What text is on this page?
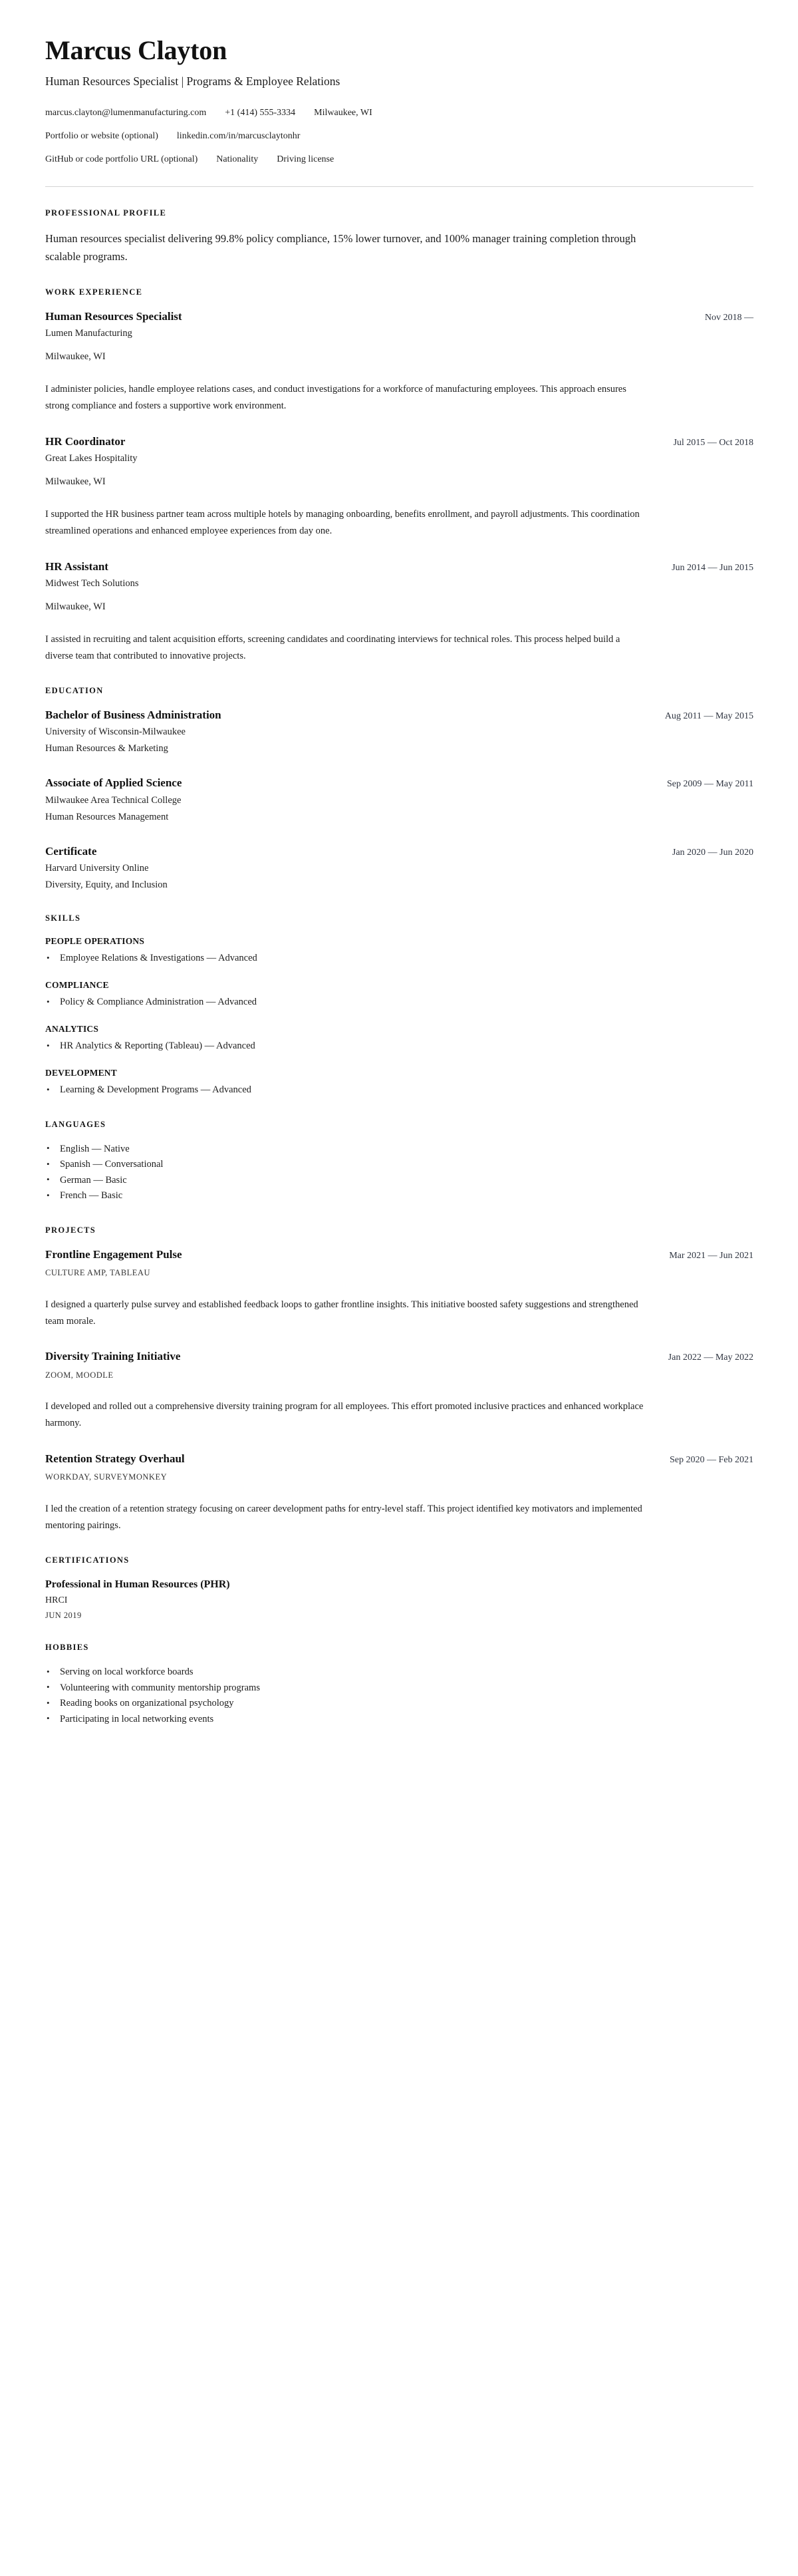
Marcus Clayton
Human Resources Specialist | Programs & Employee Relations
marcus.clayton@lumenmanufacturing.com +1 (414) 555-3334 Milwaukee, WI
Portfolio or website (optional) linkedin.com/in/marcusclaytonhr
GitHub or code portfolio URL (optional) Nationality Driving license
PROFESSIONAL PROFILE

Human resources specialist delivering 99.8% policy compliance, 15% lower turnover, and 100% manager training completion through scalable programs.

WORK EXPERIENCE
Human Resources Specialist	Nov 2018 —
Lumen Manufacturing
Milwaukee, WI

I administer policies, handle employee relations cases, and conduct investigations for a workforce of manufacturing employees. This approach ensures strong compliance and fosters a supportive work environment.

HR Coordinator	Jul 2015 — Oct 2018
Great Lakes Hospitality
Milwaukee, WI

I supported the HR business partner team across multiple hotels by managing onboarding, benefits enrollment, and payroll adjustments. This coordination streamlined operations and enhanced employee experiences from day one.

HR Assistant	Jun 2014 — Jun 2015
Midwest Tech Solutions
Milwaukee, WI

I assisted in recruiting and talent acquisition efforts, screening candidates and coordinating interviews for technical roles. This process helped build a diverse team that contributed to innovative projects.

EDUCATION
Bachelor of Business Administration	Aug 2011 — May 2015
University of Wisconsin-Milwaukee
Human Resources & Marketing
Associate of Applied Science	Sep 2009 — May 2011
Milwaukee Area Technical College
Human Resources Management
Certificate	Jan 2020 — Jun 2020
Harvard University Online
Diversity, Equity, and Inclusion
SKILLS
PEOPLE OPERATIONS
• Employee Relations & Investigations — Advanced
COMPLIANCE
• Policy & Compliance Administration — Advanced
ANALYTICS
• HR Analytics & Reporting (Tableau) — Advanced
DEVELOPMENT
• Learning & Development Programs — Advanced
LANGUAGES
• English — Native
• Spanish — Conversational
• German — Basic
• French — Basic
PROJECTS
Frontline Engagement Pulse	Mar 2021 — Jun 2021
CULTURE AMP, TABLEAU

I designed a quarterly pulse survey and established feedback loops to gather frontline insights. This initiative boosted safety suggestions and strengthened team morale.

Diversity Training Initiative	Jan 2022 — May 2022
ZOOM, MOODLE

I developed and rolled out a comprehensive diversity training program for all employees. This effort promoted inclusive practices and enhanced workplace harmony.

Retention Strategy Overhaul	Sep 2020 — Feb 2021
WORKDAY, SURVEYMONKEY

I led the creation of a retention strategy focusing on career development paths for entry-level staff. This project identified key motivators and implemented mentoring pairings.

CERTIFICATIONS
Professional in Human Resources (PHR)
HRCI
JUN 2019
HOBBIES
• Serving on local workforce boards
• Volunteering with community mentorship programs
• Reading books on organizational psychology
• Participating in local networking events
